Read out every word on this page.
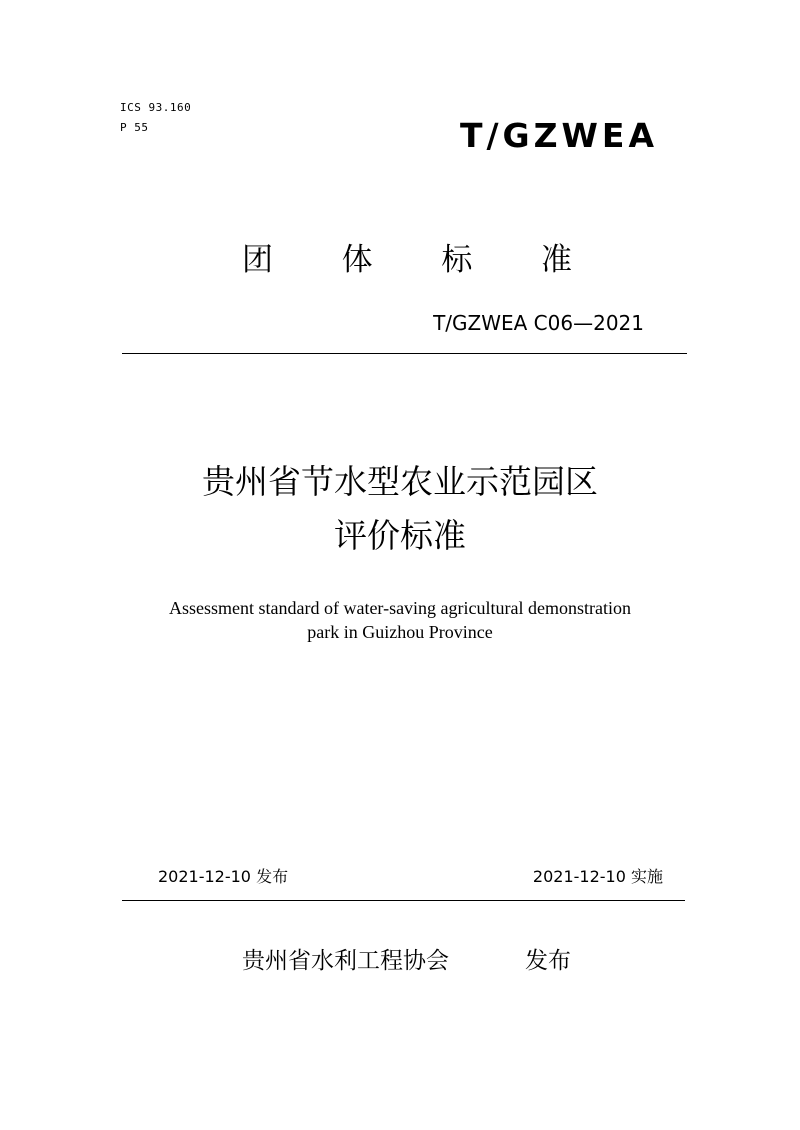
ICS 93.160
P 55	T/GZWEA
团 体 标 准
T/GZWEA C06—2021
贵州省节水型农业示范园区
评价标准
Assessment standard of water-saving agricultural demonstration
park in Guizhou Province
2021-12-10 发布	2021-12-10 实施
贵州省水利工程协会	发布
